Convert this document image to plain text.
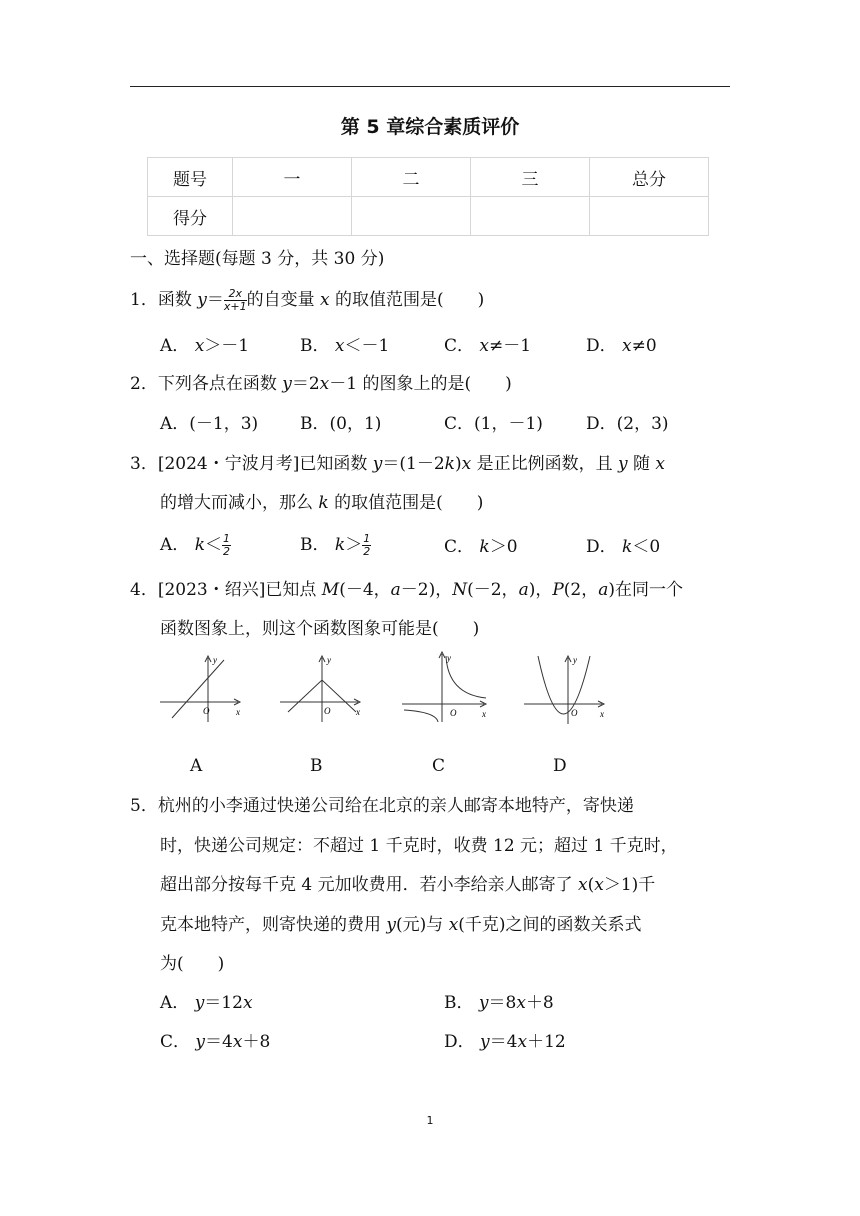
第 5 章综合素质评价
题号	一	二	三	总分
得分				
一、选择题(每题 3 分，共 30 分)
1．函数 $y= \frac{2x}{x+1}$ 的自变量 x 的取值范围是(　　)
A． x＞－1	B． x＜－1	C． x≠－1	D． x≠0
2．下列各点在函数 y＝2x－1 的图象上的是(　　)
A．(－1，3) B．(0，1)	C．(1，－1)	D．(2，3)
3．[2024・宁波月考]已知函数 y＝(1－2k)x 是正比例函数，且 y 随 x
的增大而减小，那么 k 的取值范围是(　　)
A． $k< \frac{1}{2}$	B． $k> \frac{1}{2}$	C． k＞0	D． k＜0
4．[2023・绍兴]已知点 M(－4，a－2)，N(－2，a)，P(2，a)在同一个
函数图象上，则这个函数图象可能是(　　)
y
x
O
A
y
x
O
B
y
x
O
C
y
x
O
D
5．杭州的小李通过快递公司给在北京的亲人邮寄本地特产，寄快递
时，快递公司规定：不超过 1 千克时，收费 12 元；超过 1 千克时，
超出部分按每千克 4 元加收费用．若小李给亲人邮寄了 x(x＞1)千
克本地特产，则寄快递的费用 y(元)与 x(千克)之间的函数关系式
为(　　)
A． y＝12x	B． y＝8x＋8
C． y＝4x＋8	D． y＝4x＋12
1
